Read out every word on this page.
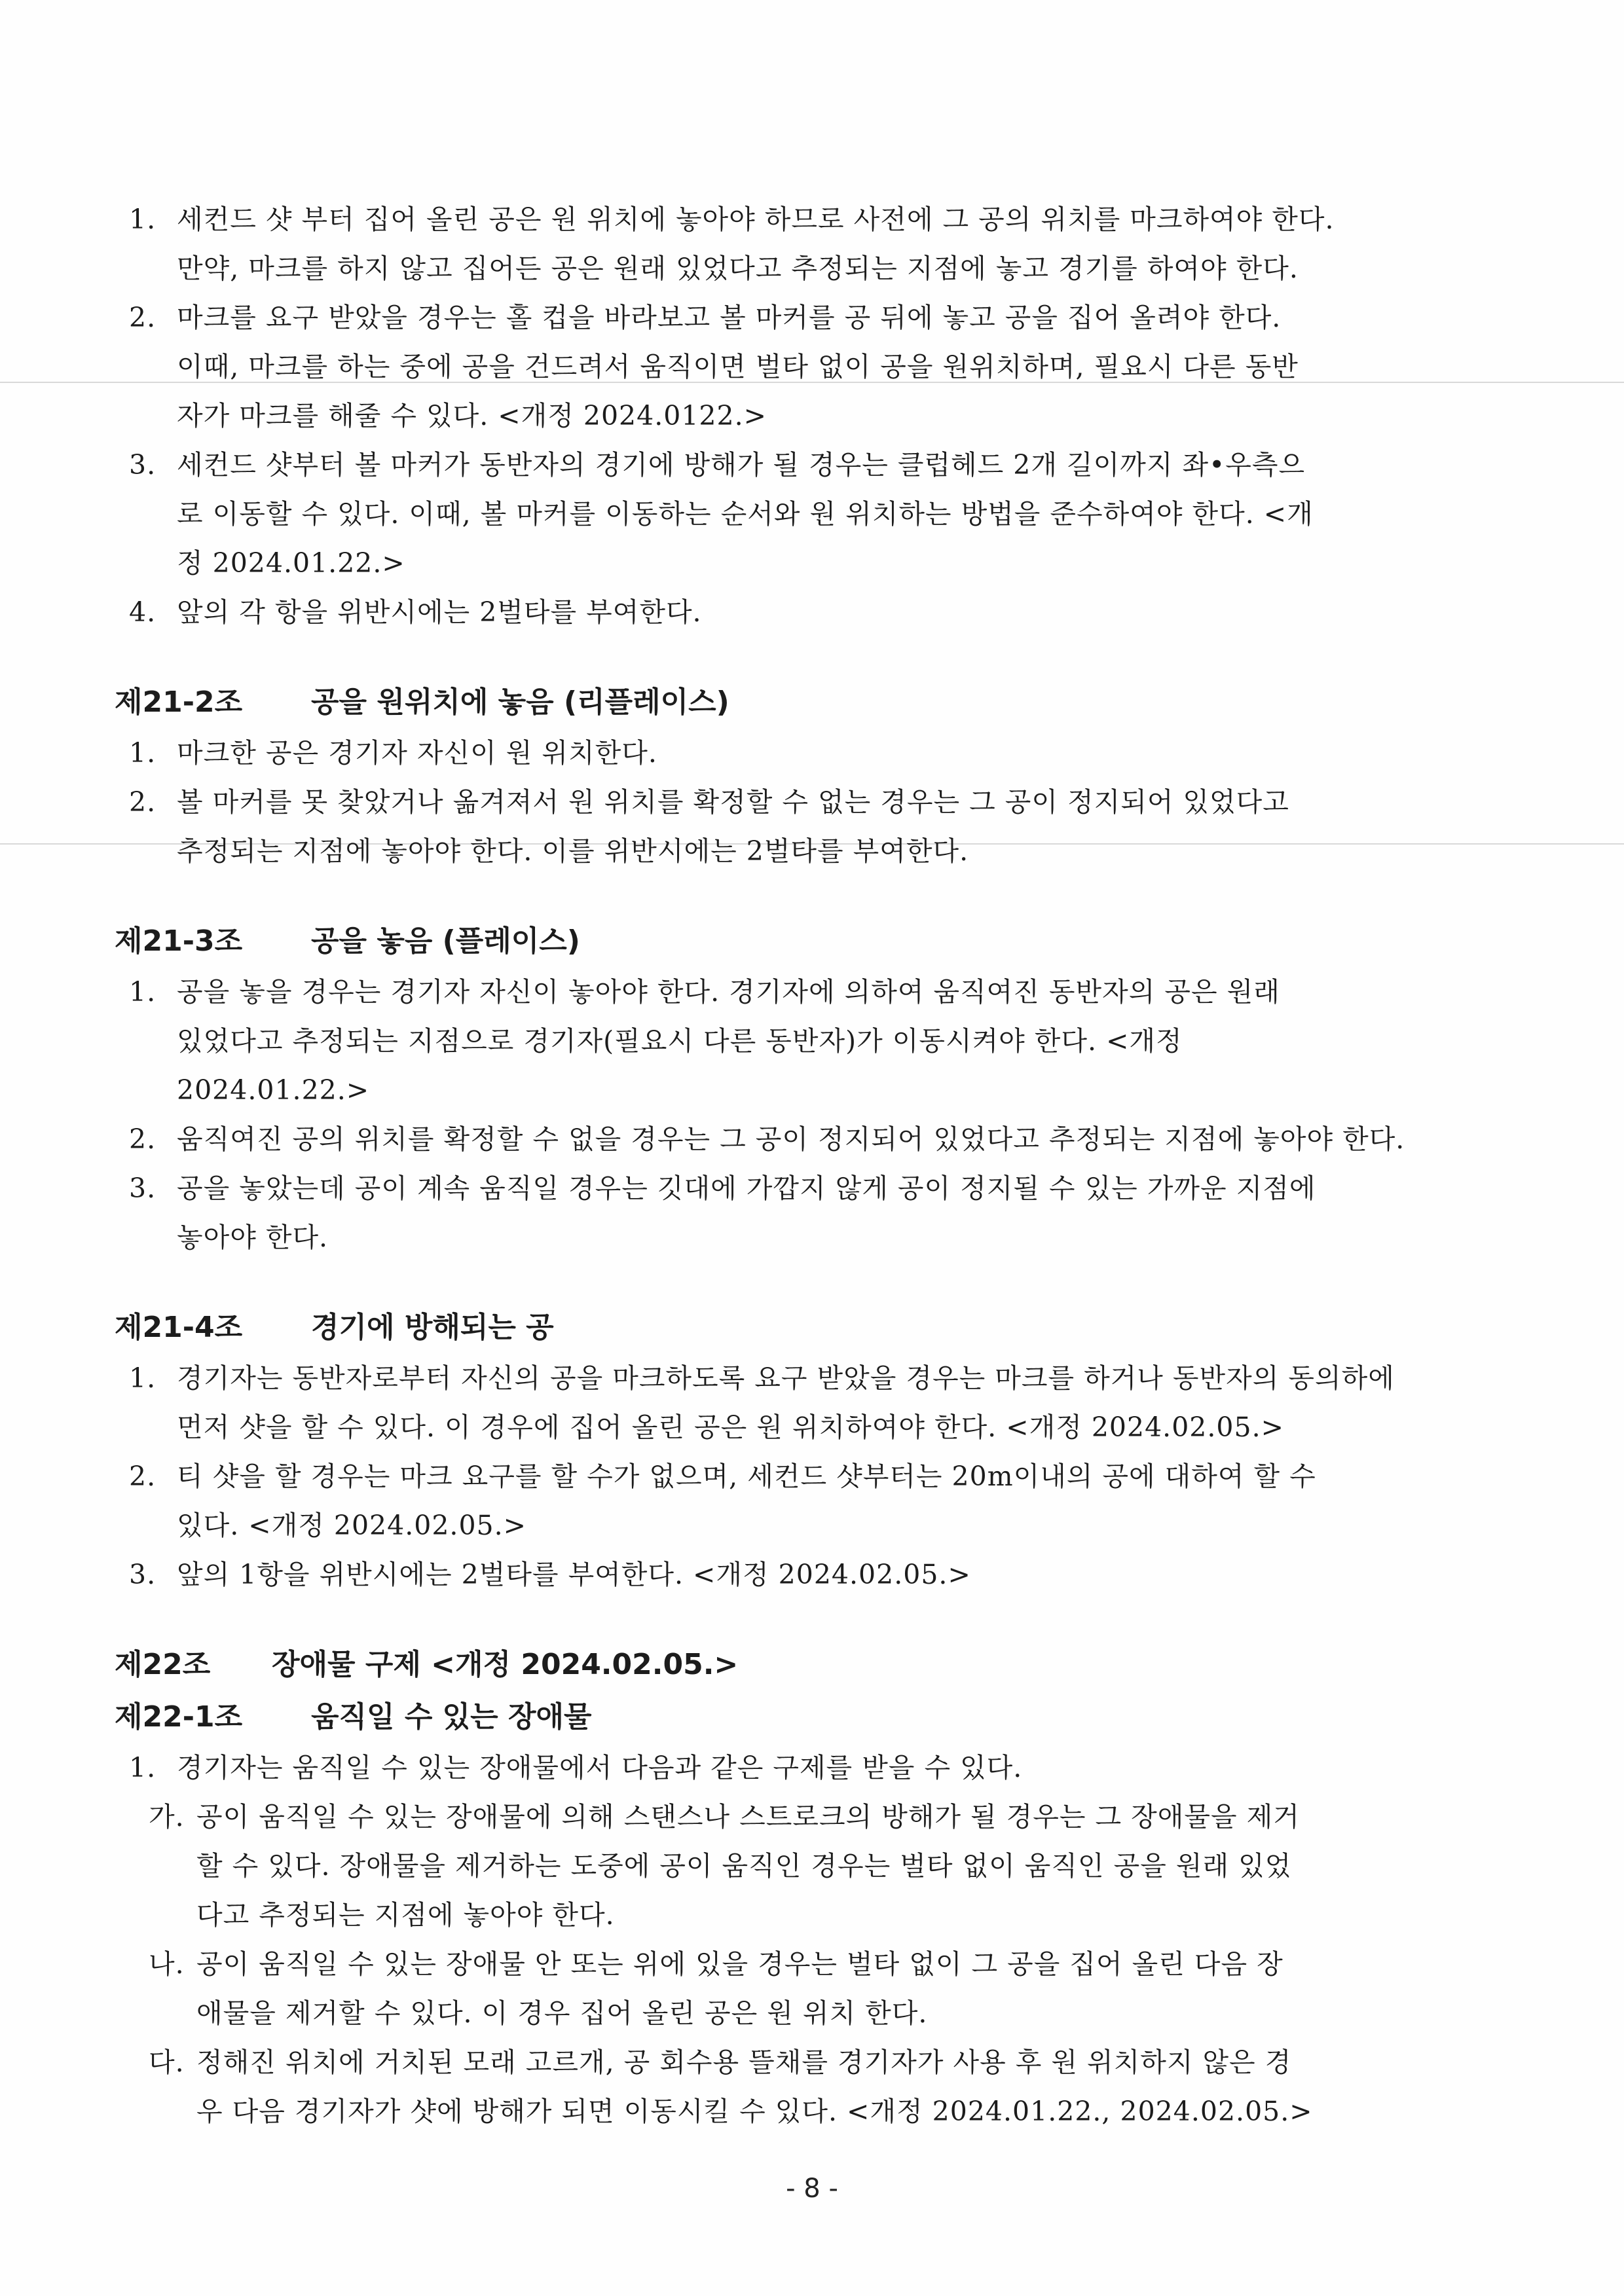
1. 세컨드 샷 부터 집어 올린 공은 원 위치에 놓아야 하므로 사전에 그 공의 위치를 마크하여야 한다.
만약, 마크를 하지 않고 집어든 공은 원래 있었다고 추정되는 지점에 놓고 경기를 하여야 한다.
2. 마크를 요구 받았을 경우는 홀 컵을 바라보고 볼 마커를 공 뒤에 놓고 공을 집어 올려야 한다.
이때, 마크를 하는 중에 공을 건드려서 움직이면 벌타 없이 공을 원위치하며, 필요시 다른 동반
자가 마크를 해줄 수 있다. <개정 2024.0122.>
3. 세컨드 샷부터 볼 마커가 동반자의 경기에 방해가 될 경우는 클럽헤드 2개 길이까지 좌•우측으
로 이동할 수 있다. 이때, 볼 마커를 이동하는 순서와 원 위치하는 방법을 준수하여야 한다. <개
정 2024.01.22.>
4. 앞의 각 항을 위반시에는 2벌타를 부여한다.
제21-2조 공을 원위치에 놓음 (리플레이스)
1. 마크한 공은 경기자 자신이 원 위치한다.
2. 볼 마커를 못 찾았거나 옮겨져서 원 위치를 확정할 수 없는 경우는 그 공이 정지되어 있었다고
추정되는 지점에 놓아야 한다. 이를 위반시에는 2벌타를 부여한다.
제21-3조 공을 놓음 (플레이스)
1. 공을 놓을 경우는 경기자 자신이 놓아야 한다. 경기자에 의하여 움직여진 동반자의 공은 원래
있었다고 추정되는 지점으로 경기자(필요시 다른 동반자)가 이동시켜야 한다. <개정
2024.01.22.>
2. 움직여진 공의 위치를 확정할 수 없을 경우는 그 공이 정지되어 있었다고 추정되는 지점에 놓아야 한다.
3. 공을 놓았는데 공이 계속 움직일 경우는 깃대에 가깝지 않게 공이 정지될 수 있는 가까운 지점에
놓아야 한다.
제21-4조 경기에 방해되는 공
1. 경기자는 동반자로부터 자신의 공을 마크하도록 요구 받았을 경우는 마크를 하거나 동반자의 동의하에
먼저 샷을 할 수 있다. 이 경우에 집어 올린 공은 원 위치하여야 한다. <개정 2024.02.05.>
2. 티 샷을 할 경우는 마크 요구를 할 수가 없으며, 세컨드 샷부터는 20m이내의 공에 대하여 할 수
있다. <개정 2024.02.05.>
3. 앞의 1항을 위반시에는 2벌타를 부여한다. <개정 2024.02.05.>
제22조 장애물 구제 <개정 2024.02.05.>
제22-1조 움직일 수 있는 장애물
1. 경기자는 움직일 수 있는 장애물에서 다음과 같은 구제를 받을 수 있다.
가. 공이 움직일 수 있는 장애물에 의해 스탠스나 스트로크의 방해가 될 경우는 그 장애물을 제거
할 수 있다. 장애물을 제거하는 도중에 공이 움직인 경우는 벌타 없이 움직인 공을 원래 있었
다고 추정되는 지점에 놓아야 한다.
나. 공이 움직일 수 있는 장애물 안 또는 위에 있을 경우는 벌타 없이 그 공을 집어 올린 다음 장
애물을 제거할 수 있다. 이 경우 집어 올린 공은 원 위치 한다.
다. 정해진 위치에 거치된 모래 고르개, 공 회수용 뜰채를 경기자가 사용 후 원 위치하지 않은 경
우 다음 경기자가 샷에 방해가 되면 이동시킬 수 있다. <개정 2024.01.22., 2024.02.05.>
- 8 -
